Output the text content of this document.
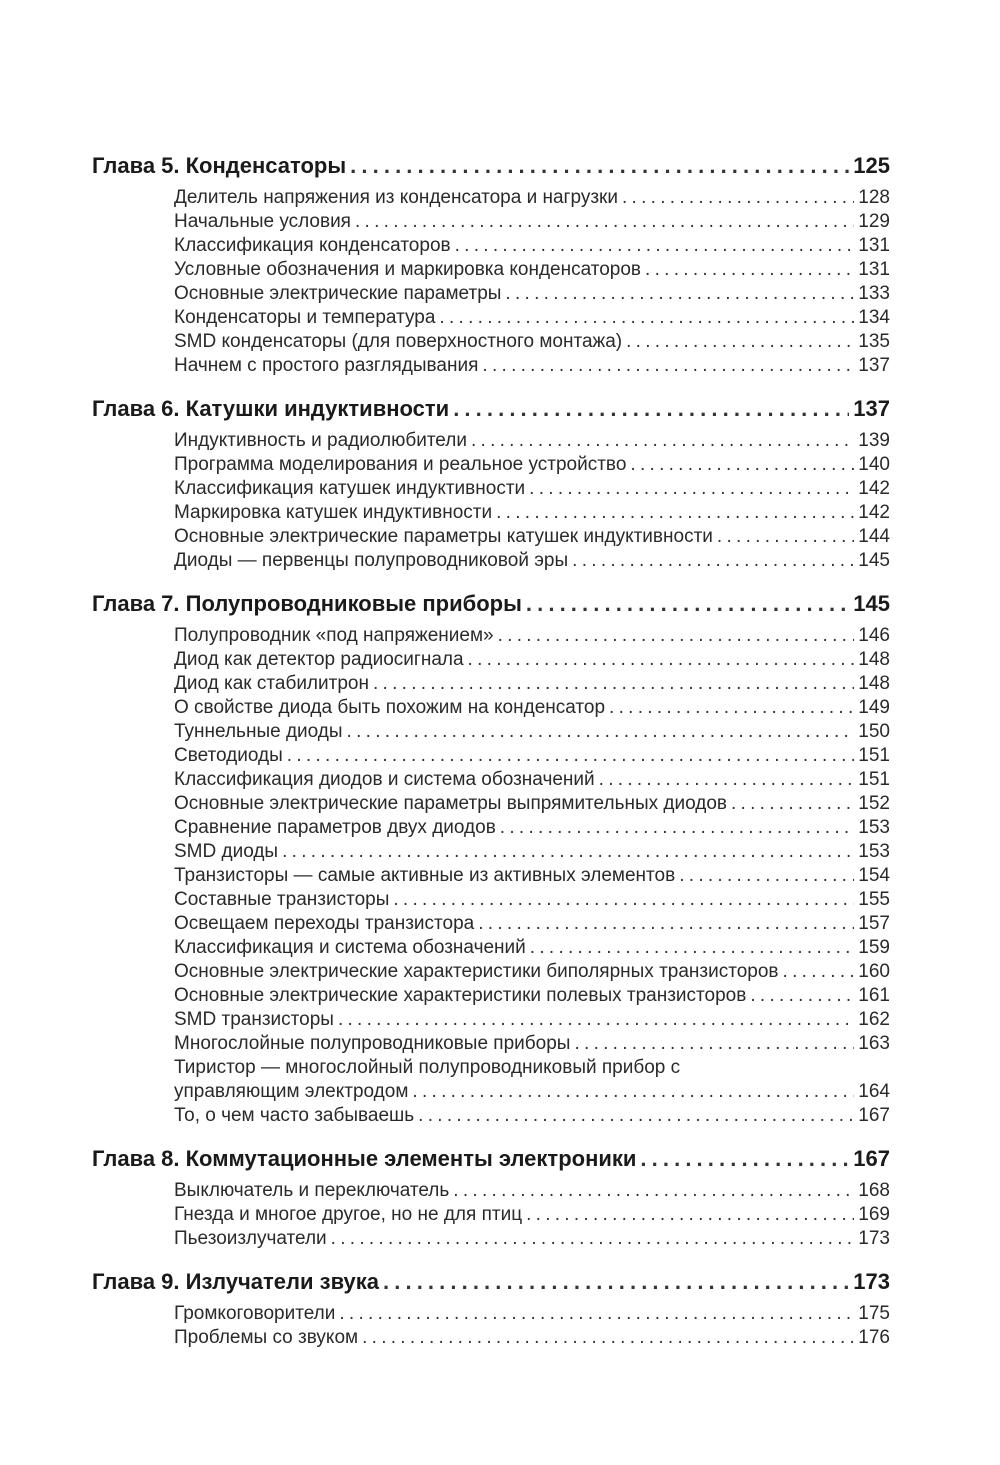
Глава 5. Конденсаторы . . .	125
Делитель напряжения из конденсатора и нагрузки . . .	128
Начальные условия . . .	129
Классификация конденсаторов . . .	131
Условные обозначения и маркировка конденсаторов . . .	131
Основные электрические параметры . . .	133
Конденсаторы и температура . . .	134
SMD конденсаторы (для поверхностного монтажа) . . .	135
Начнем с простого разглядывания . . .	137
Глава 6. Катушки индуктивности . . .	137
Индуктивность и радиолюбители . . .	139
Программа моделирования и реальное устройство . . .	140
Классификация катушек индуктивности . . .	142
Маркировка катушек индуктивности . . .	142
Основные электрические параметры катушек индуктивности . . .	144
Диоды — первенцы полупроводниковой эры . . .	145
Глава 7. Полупроводниковые приборы . . .	145
Полупроводник «под напряжением» . . .	146
Диод как детектор радиосигнала . . .	148
Диод как стабилитрон . . .	148
О свойстве диода быть похожим на конденсатор . . .	149
Туннельные диоды . . .	150
Светодиоды . . .	151
Классификация диодов и система обозначений . . .	151
Основные электрические параметры выпрямительных диодов . . .	152
Сравнение параметров двух диодов . . .	153
SMD диоды . . .	153
Транзисторы — самые активные из активных элементов . . .	154
Составные транзисторы . . .	155
Освещаем переходы транзистора . . .	157
Классификация и система обозначений . . .	159
Основные электрические характеристики биполярных транзисторов . . .	160
Основные электрические характеристики полевых транзисторов . . .	161
SMD транзисторы . . .	162
Многослойные полупроводниковые приборы . . .	163
Тиристор — многослойный полупроводниковый прибор с
управляющим электродом . . .	164
То, о чем часто забываешь . . .	167
Глава 8. Коммутационные элементы электроники . . .	167
Выключатель и переключатель . . .	168
Гнезда и многое другое, но не для птиц . . .	169
Пьезоизлучатели . . .	173
Глава 9. Излучатели звука . . .	173
Громкоговорители . . .	175
Проблемы со звуком . . .	176
